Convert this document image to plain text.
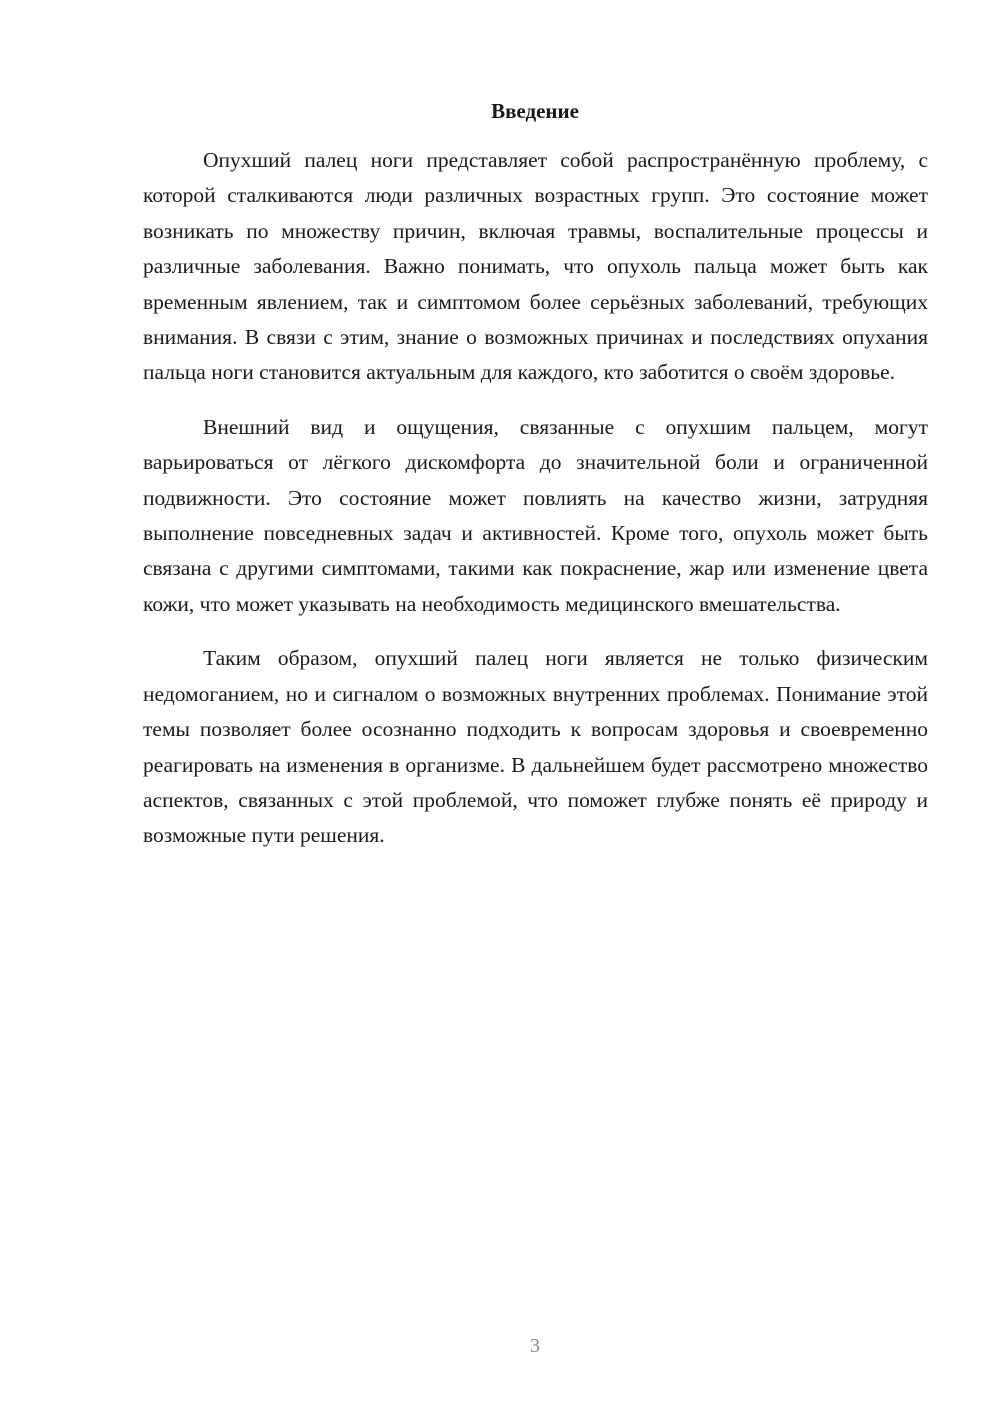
Введение

Опухший палец ноги представляет собой распространённую проблему, с которой сталкиваются люди различных возрастных групп. Это состояние может возникать по множеству причин, включая травмы, воспалительные процессы и различные заболевания. Важно понимать, что опухоль пальца может быть как временным явлением, так и симптомом более серьёзных заболеваний, требующих внимания. В связи с этим, знание о возможных причинах и последствиях опухания пальца ноги становится актуальным для каждого, кто заботится о своём здоровье.

Внешний вид и ощущения, связанные с опухшим пальцем, могут варьироваться от лёгкого дискомфорта до значительной боли и ограниченной подвижности. Это состояние может повлиять на качество жизни, затрудняя выполнение повседневных задач и активностей. Кроме того, опухоль может быть связана с другими симптомами, такими как покраснение, жар или изменение цвета кожи, что может указывать на необходимость медицинского вмешательства.

Таким образом, опухший палец ноги является не только физическим недомоганием, но и сигналом о возможных внутренних проблемах. Понимание этой темы позволяет более осознанно подходить к вопросам здоровья и своевременно реагировать на изменения в организме. В дальнейшем будет рассмотрено множество аспектов, связанных с этой проблемой, что поможет глубже понять её природу и возможные пути решения.

3
